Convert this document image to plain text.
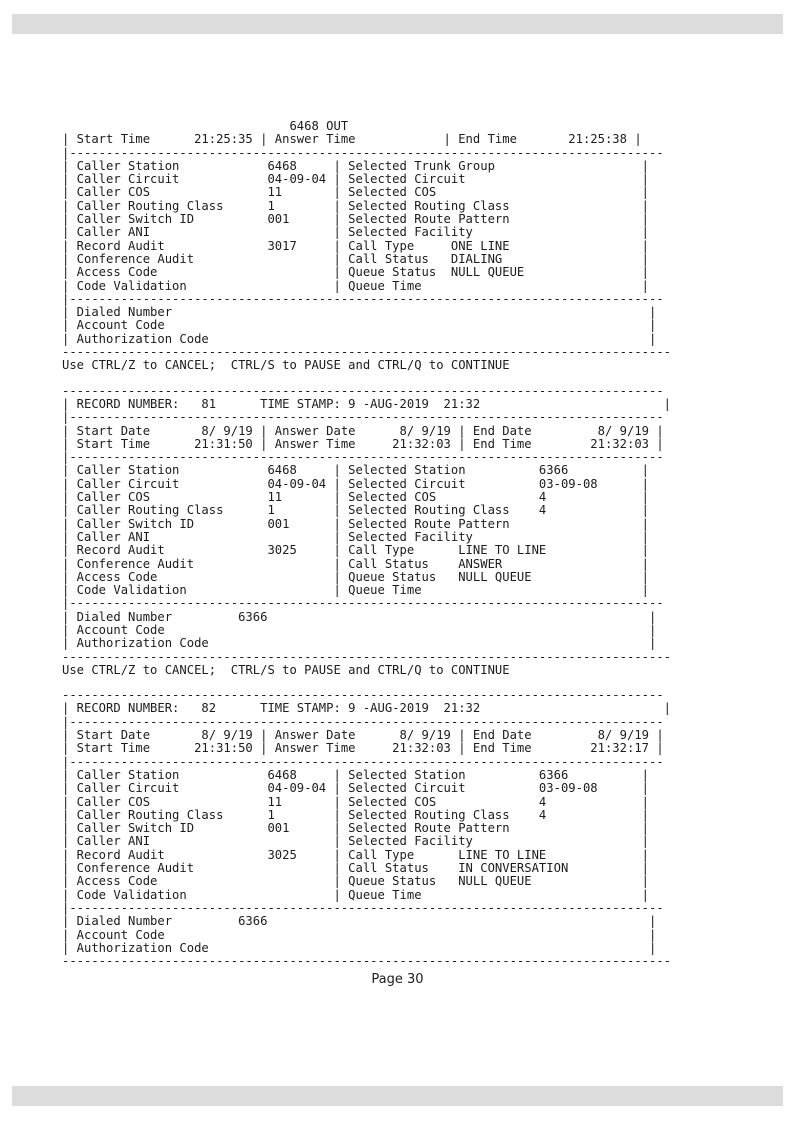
6468 OUT
| Start Time      21:25:35 | Answer Time            | End Time       21:25:38 |
|---------------------------------------------------------------------------------
| Caller Station            6468     | Selected Trunk Group                    |
| Caller Circuit            04-09-04 | Selected Circuit                        |
| Caller COS                11       | Selected COS                            |
| Caller Routing Class      1        | Selected Routing Class                  |
| Caller Switch ID          001      | Selected Route Pattern                  |
| Caller ANI                         | Selected Facility                       |
| Record Audit              3017     | Call Type     ONE LINE                  |
| Conference Audit                   | Call Status   DIALING                   |
| Access Code                        | Queue Status  NULL QUEUE                |
| Code Validation                    | Queue Time                              |
|---------------------------------------------------------------------------------
| Dialed Number                                                                 |
| Account Code                                                                  |
| Authorization Code                                                            |
-----------------------------------------------------------------------------------
Use CTRL/Z to CANCEL;  CTRL/S to PAUSE and CTRL/Q to CONTINUE
----------------------------------------------------------------------------------
| RECORD NUMBER:   81      TIME STAMP: 9 -AUG-2019  21:32                         |
|---------------------------------------------------------------------------------
| Start Date       8/ 9/19 | Answer Date      8/ 9/19 | End Date         8/ 9/19 |
| Start Time      21:31:50 | Answer Time     21:32:03 | End Time        21:32:03 |
|---------------------------------------------------------------------------------
| Caller Station            6468     | Selected Station          6366          |
| Caller Circuit            04-09-04 | Selected Circuit          03-09-08      |
| Caller COS                11       | Selected COS              4             |
| Caller Routing Class      1        | Selected Routing Class    4             |
| Caller Switch ID          001      | Selected Route Pattern                  |
| Caller ANI                         | Selected Facility                       |
| Record Audit              3025     | Call Type      LINE TO LINE             |
| Conference Audit                   | Call Status    ANSWER                   |
| Access Code                        | Queue Status   NULL QUEUE               |
| Code Validation                    | Queue Time                              |
|---------------------------------------------------------------------------------
| Dialed Number         6366                                                    |
| Account Code                                                                  |
| Authorization Code                                                            |
-----------------------------------------------------------------------------------
Use CTRL/Z to CANCEL;  CTRL/S to PAUSE and CTRL/Q to CONTINUE
----------------------------------------------------------------------------------
| RECORD NUMBER:   82      TIME STAMP: 9 -AUG-2019  21:32                         |
|---------------------------------------------------------------------------------
| Start Date       8/ 9/19 | Answer Date      8/ 9/19 | End Date         8/ 9/19 |
| Start Time      21:31:50 | Answer Time     21:32:03 | End Time        21:32:17 |
|---------------------------------------------------------------------------------
| Caller Station            6468     | Selected Station          6366          |
| Caller Circuit            04-09-04 | Selected Circuit          03-09-08      |
| Caller COS                11       | Selected COS              4             |
| Caller Routing Class      1        | Selected Routing Class    4             |
| Caller Switch ID          001      | Selected Route Pattern                  |
| Caller ANI                         | Selected Facility                       |
| Record Audit              3025     | Call Type      LINE TO LINE             |
| Conference Audit                   | Call Status    IN CONVERSATION          |
| Access Code                        | Queue Status   NULL QUEUE               |
| Code Validation                    | Queue Time                              |
|---------------------------------------------------------------------------------
| Dialed Number         6366                                                    |
| Account Code                                                                  |
| Authorization Code                                                            |
-----------------------------------------------------------------------------------
Page 30
